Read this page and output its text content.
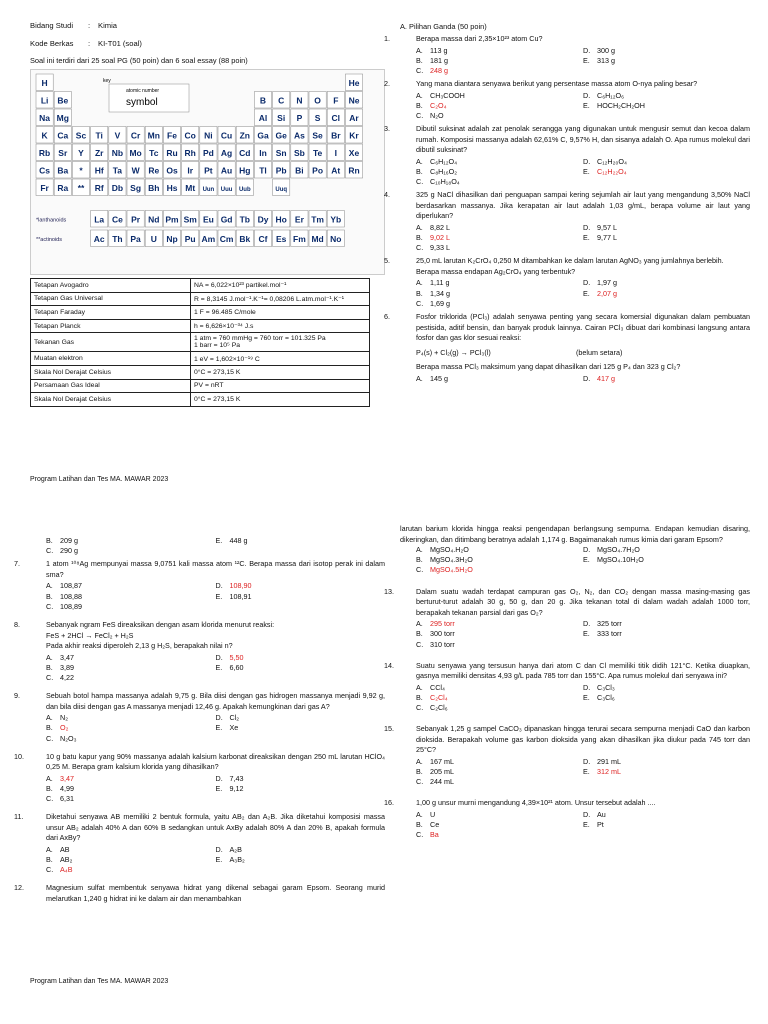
Bidang Studi	:	Kimia
Kode Berkas	:	KI-T01 (soal)
Soal ini terdiri dari 25 soal PG (50 poin) dan 6 soal essay (88 poin)
H	He
Li Be	B C N O F Ne
Na Mg	Al Si P S Cl Ar
K Ca Sc Ti V Cr Mn Fe Co Ni Cu Zn Ga Ge As Se Br Kr
Rb Sr Y Zr Nb Mo Tc Ru Rh Pd Ag Cd In Sn Sb Te I Xe
Cs Ba * Hf Ta W Re Os Ir Pt Au Hg Tl Pb Bi Po At Rn
Fr Ra ** Rf Db Sg Bh Hs Mt Uun Uuu Uub	Uuq
key
atomic number
symbol
*lanthanoids
**actinoids
La Ce Pr Nd Pm Sm Eu Gd Tb Dy Ho Er Tm Yb
Ac Th Pa U Np Pu Am Cm Bk Cf Es Fm Md No
Tetapan Avogadro	NA = 6,022×10²³ partikel.mol⁻¹

Tetapan Gas Universal	R = 8,3145 J.mol⁻¹.K⁻¹= 0,08206 L.atm.mol⁻¹.K⁻¹

Tetapan Faraday	1 F = 96.485 C/mole

Tetapan Planck	h = 6,626×10⁻³⁴ J.s

Tekanan Gas	1 atm = 760 mmHg = 760 torr = 101.325 Pa
1 barr = 10⁵ Pa

Muatan elektron	1 eV = 1,602×10⁻¹⁹ C

Skala Nol Derajat Celsius	0°C = 273,15 K

Persamaan Gas Ideal	PV = nRT

Skala Nol Derajat Celsius	0°C = 273,15 K
A. Pilihan Ganda (50 poin)
1.	Berapa massa dari 2,35×10²³ atom Cu?
A. 113 g	D. 300 g
B. 181 g	E. 313 g
C. 248 g
2.	Yang mana diantara senyawa berikut yang persentase massa atom O-nya paling besar?
A. CH₃COOH	D. C₆H₁₂O₆
B. C₂O₄	E. HOCH₂CH₂OH
C. N₂O
3.	Dibutil suksinat adalah zat penolak serangga yang digunakan untuk mengusir semut dan kecoa dalam rumah. Komposisi massanya adalah 62,61% C, 9,57% H, dan sisanya adalah O. Apa rumus molekul dari dibutil suksinat?
A. C₆H₁₂O₄	D. C₁₂H₂₀O₄
B. C₈H₁₆O₂	E. C₁₂H₂₂O₄
C. C₁₀H₁₈O₄
4.	325 g NaCl dihasilkan dari penguapan sampai kering sejumlah air laut yang mengandung 3,50% NaCl berdasarkan massanya. Jika kerapatan air laut adalah 1,03 g/mL, berapa volume air laut yang diperlukan?
A. 8,82 L	D. 9,57 L
B. 9,02 L	E. 9,77 L
C. 9,33 L
5.	25,0 mL larutan K₂CrO₄ 0,250 M ditambahkan ke dalam larutan AgNO₃ yang jumlahnya berlebih.
Berapa massa endapan Ag₂CrO₄ yang terbentuk?
A. 1,11 g	D. 1,97 g
B. 1,34 g	E. 2,07 g
C. 1,69 g
6.	Fosfor triklorida (PCl₃) adalah senyawa penting yang secara komersial digunakan dalam pembuatan pestisida, aditif bensin, dan banyak produk lainnya. Cairan PCl₃ dibuat dari kombinasi langsung antara fosfor dan gas klor sesuai reaksi:
P₄(s) + Cl₂(g) → PCl₃(l)	(belum setara)
Berapa massa PCl₃ maksimum yang dapat dihasilkan dari 125 g P₄ dan 323 g Cl₂?
A. 145 g	D. 417 g
Program Latihan dan Tes MA. MAWAR 2023
B. 209 g	E. 448 g
C. 290 g
7.	1 atom ¹⁰⁸Ag mempunyai massa 9,0751 kali massa atom ¹²C. Berapa massa dari isotop perak ini dalam sma?
A. 108,87	D. 108,90
B. 108,88	E. 108,91
C. 108,89
8.	Sebanyak ngram FeS direaksikan dengan asam klorida menurut reaksi:
FeS + 2HCl → FeCl₂ + H₂S
Pada akhir reaksi diperoleh 2,13 g H₂S, berapakah nilai n?
A. 3,47	D. 5,50
B. 3,89	E. 6,60
C. 4,22
9.	Sebuah botol hampa massanya adalah 9,75 g. Bila diisi dengan gas hidrogen massanya menjadi 9,92 g, dan bila diisi dengan gas A massanya menjadi 12,46 g. Apakah kemungkinan dari gas A?
A. N₂	D. Cl₂
B. O₂	E. Xe
C. N₂O₃
10.	10 g batu kapur yang 90% massanya adalah kalsium karbonat direaksikan dengan 250 mL larutan HClO₄ 0,25 M. Berapa gram kalsium klorida yang dihasilkan?
A. 3,47	D. 7,43
B. 4,99	E. 9,12
C. 6,31
11.	Diketahui senyawa AB memiliki 2 bentuk formula, yaitu AB₂ dan A₂B. Jika diketahui komposisi massa unsur AB₂ adalah 40% A dan 60% B sedangkan untuk AxBy adalah 80% A dan 20% B, apakah formula dari AxBy?
A. AB	D. A₂B
B. AB₂	E. A₃B₂
C. A₄B
12.	Magnesium sulfat membentuk senyawa hidrat yang dikenal sebagai garam Epsom. Seorang murid melarutkan 1,240 g hidrat ini ke dalam air dan menambahkan
larutan barium klorida hingga reaksi pengendapan berlangsung sempurna. Endapan kemudian disaring, dikeringkan, dan ditimbang beratnya adalah 1,174 g. Bagaimanakah rumus kimia dari garam Epsom?
A. MgSO₄.H₂O	D. MgSO₄.7H₂O
B. MgSO₄.3H₂O	E. MgSO₄.10H₂O
C. MgSO₄.5H₂O
13.	Dalam suatu wadah terdapat campuran gas O₂, N₂, dan CO₂ dengan massa masing-masing gas berturut-turut adalah 30 g, 50 g, dan 20 g. Jika tekanan total di dalam wadah adalah 1000 torr, berapakah tekanan parsial dari gas O₂?
A. 295 torr	D. 325 torr
B. 300 torr	E. 333 torr
C. 310 torr
14.	Suatu senyawa yang tersusun hanya dari atom C dan Cl memiliki titik didih 121°C. Ketika diuapkan, gasnya memiliki densitas 4,93 g/L pada 785 torr dan 155°C. Apa rumus molekul dari senyawa ini?
A. CCl₄	D. C₃Cl₃
B. C₂Cl₄	E. C₃Cl₆
C. C₂Cl₆
15.	Sebanyak 1,25 g sampel CaCO₃ dipanaskan hingga terurai secara sempurna menjadi CaO dan karbon dioksida. Berapakah volume gas karbon dioksida yang akan dihasilkan jika diukur pada 745 torr dan 25°C?
A. 167 mL	D. 291 mL
B. 205 mL	E. 312 mL
C. 244 mL
16.	1,00 g unsur murni mengandung 4,39×10²¹ atom. Unsur tersebut adalah ....
A. U	D. Au
B. Ce	E. Pt
C. Ba
Program Latihan dan Tes MA. MAWAR 2023
